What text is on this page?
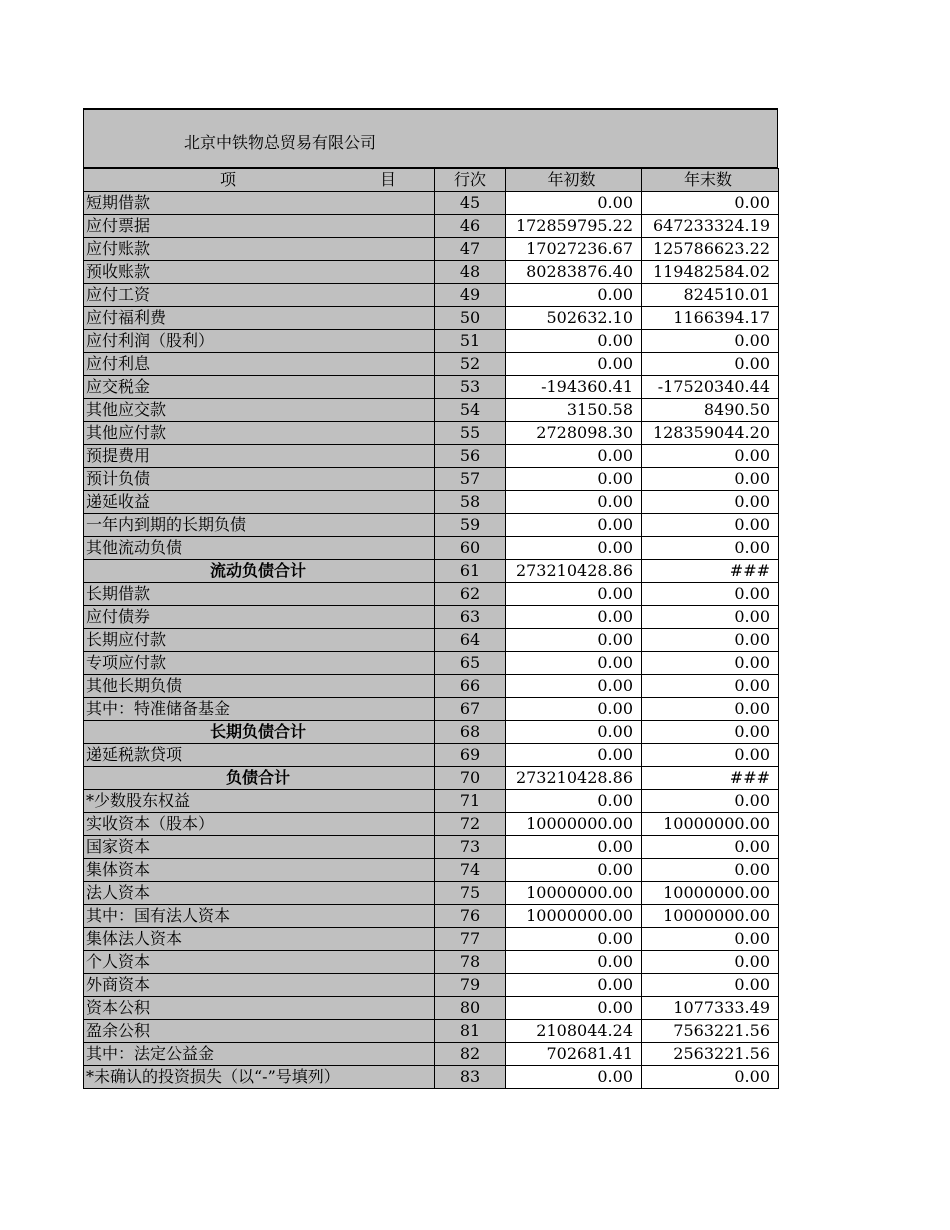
北京中铁物总贸易有限公司
项 目	行次	年初数	年末数
短期借款	45	0.00	0.00
应付票据	46	172859795.22	647233324.19
应付账款	47	17027236.67	125786623.22
预收账款	48	80283876.40	119482584.02
应付工资	49	0.00	824510.01
应付福利费	50	502632.10	1166394.17
应付利润（股利）	51	0.00	0.00
应付利息	52	0.00	0.00
应交税金	53	-194360.41	-17520340.44
其他应交款	54	3150.58	8490.50
其他应付款	55	2728098.30	128359044.20
预提费用	56	0.00	0.00
预计负债	57	0.00	0.00
递延收益	58	0.00	0.00
一年内到期的长期负债	59	0.00	0.00
其他流动负债	60	0.00	0.00
流动负债合计	61	273210428.86	###
长期借款	62	0.00	0.00
应付债券	63	0.00	0.00
长期应付款	64	0.00	0.00
专项应付款	65	0.00	0.00
其他长期负债	66	0.00	0.00
其中：特准储备基金	67	0.00	0.00
长期负债合计	68	0.00	0.00
递延税款贷项	69	0.00	0.00
负债合计	70	273210428.86	###
*少数股东权益	71	0.00	0.00
实收资本（股本）	72	10000000.00	10000000.00
国家资本	73	0.00	0.00
集体资本	74	0.00	0.00
法人资本	75	10000000.00	10000000.00
其中：国有法人资本	76	10000000.00	10000000.00
集体法人资本	77	0.00	0.00
个人资本	78	0.00	0.00
外商资本	79	0.00	0.00
资本公积	80	0.00	1077333.49
盈余公积	81	2108044.24	7563221.56
其中：法定公益金	82	702681.41	2563221.56
*未确认的投资损失（以“-”号填列）	83	0.00	0.00
